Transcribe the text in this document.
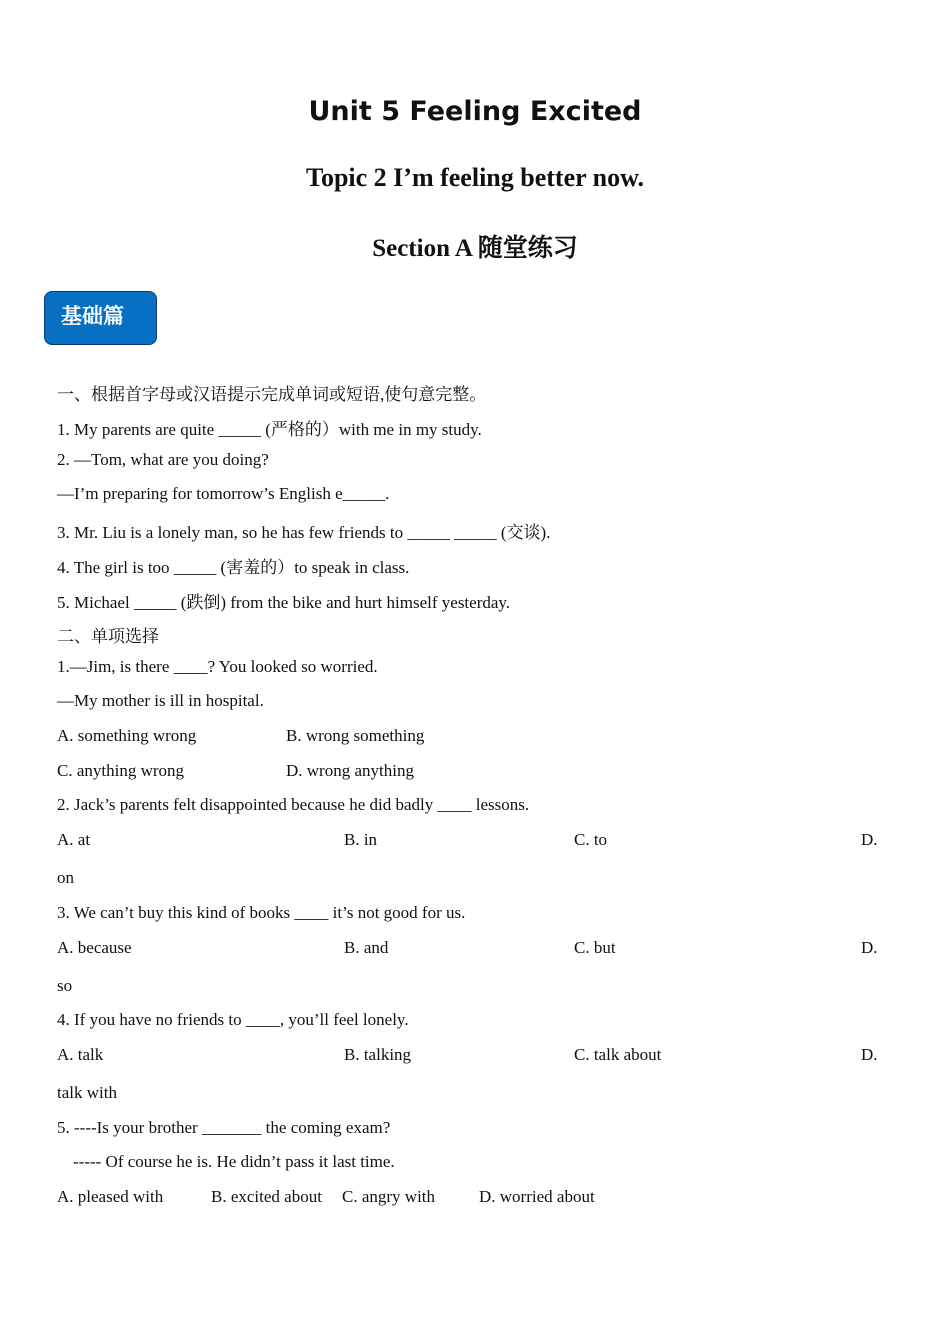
Unit 5 Feeling Excited
Topic 2 I’m feeling better now.
Section A 随堂练习
基础篇
一、根据首字母或汉语提示完成单词或短语,使句意完整。
1. My parents are quite _____ (严格的）with me in my study.
2. —Tom, what are you doing?
—I’m preparing for tomorrow’s English e_____.
3. Mr. Liu is a lonely man, so he has few friends to _____ _____ (交谈).
4. The girl is too _____ (害羞的）to speak in class.
5. Michael _____ (跌倒) from the bike and hurt himself yesterday.
二、单项选择
1.—Jim, is there ____? You looked so worried.
—My mother is ill in hospital.
A. something wrong	B. wrong something
C. anything wrong	D. wrong anything
2. Jack’s parents felt disappointed because he did badly ____ lessons.
A. at	B. in	C. to	D.
on
3. We can’t buy this kind of books ____ it’s not good for us.
A. because	B. and	C. but	D.
so
4. If you have no friends to ____, you’ll feel lonely.
A. talk	B. talking	C. talk about	D.
talk with
5. ----Is your brother _______ the coming exam?
----- Of course he is. He didn’t pass it last time.
A. pleased with	B. excited about C. angry with	D. worried about
